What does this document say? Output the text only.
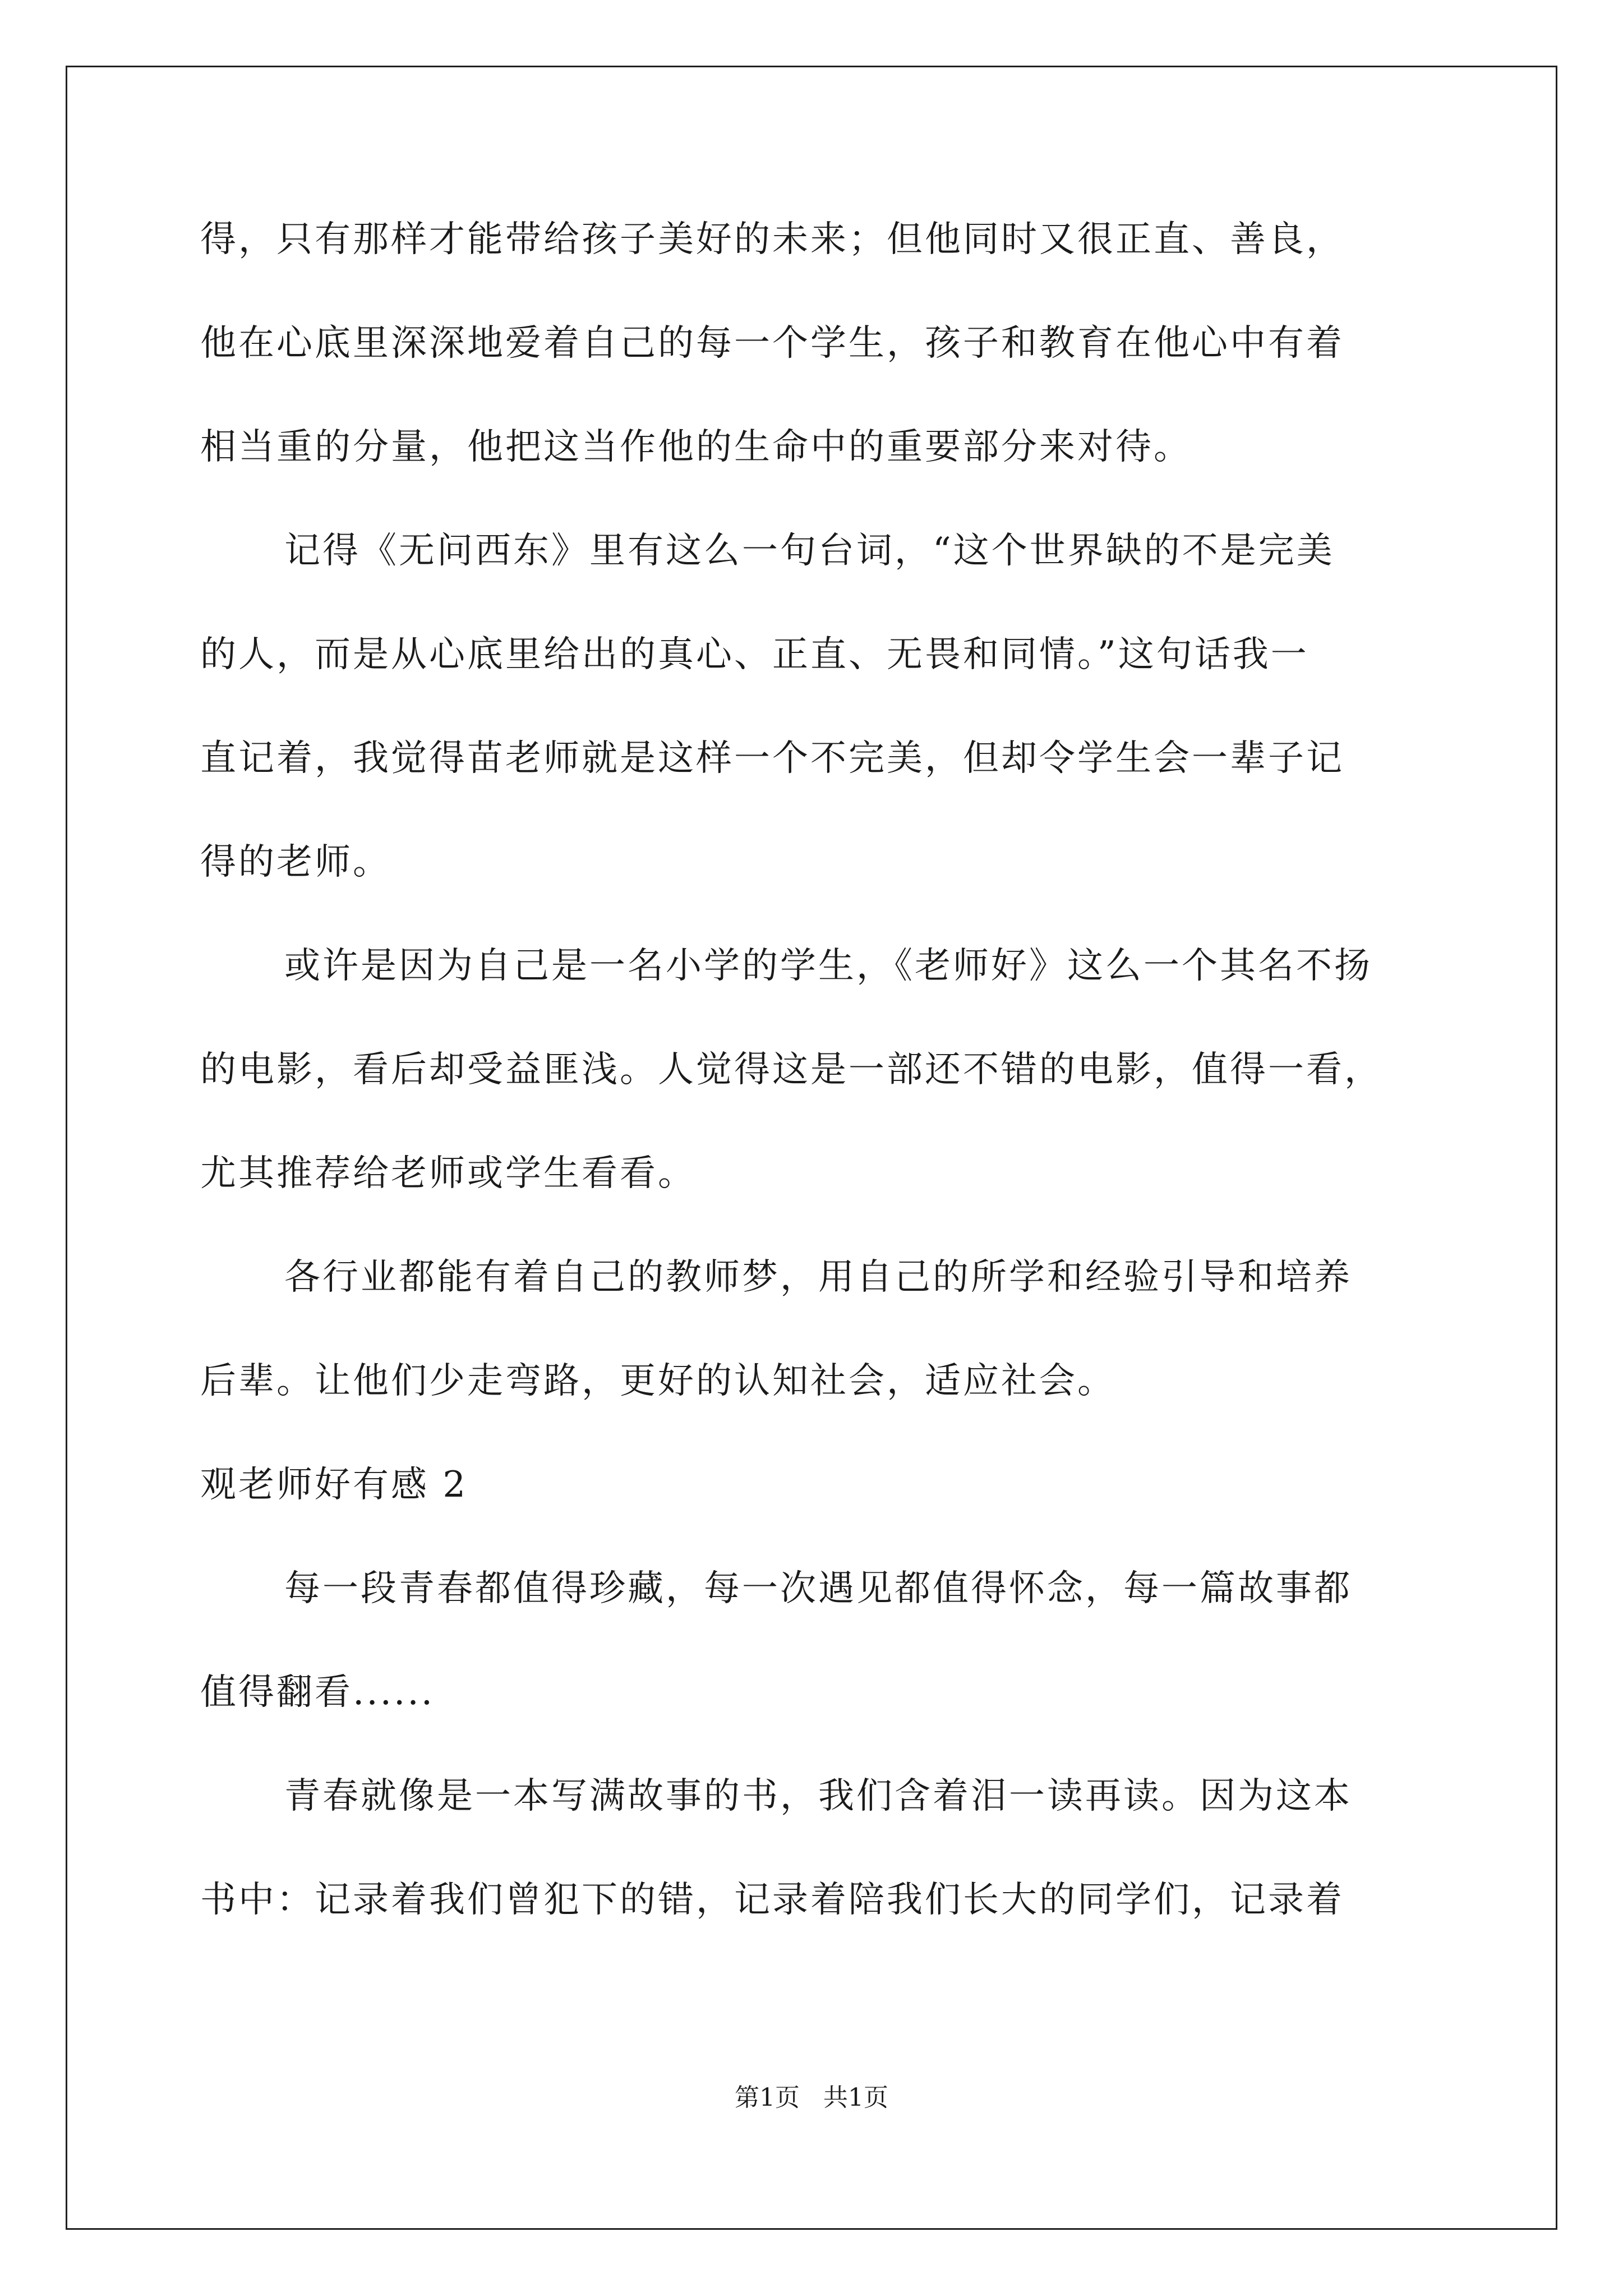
得，只有那样才能带给孩子美好的未来；但他同时又很正直、善良，
他在心底里深深地爱着自己的每一个学生，孩子和教育在他心中有着
相当重的分量，他把这当作他的生命中的重要部分来对待。
记得《无问西东》里有这么一句台词，“这个世界缺的不是完美
的人，而是从心底里给出的真心、正直、无畏和同情。”这句话我一
直记着，我觉得苗老师就是这样一个不完美，但却令学生会一辈子记
得的老师。
或许是因为自己是一名小学的学生，《老师好》这么一个其名不扬
的电影，看后却受益匪浅。人觉得这是一部还不错的电影，值得一看，
尤其推荐给老师或学生看看。
各行业都能有着自己的教师梦，用自己的所学和经验引导和培养
后辈。让他们少走弯路，更好的认知社会，适应社会。
观老师好有感 2
每一段青春都值得珍藏，每一次遇见都值得怀念，每一篇故事都
值得翻看......
青春就像是一本写满故事的书，我们含着泪一读再读。因为这本
书中：记录着我们曾犯下的错，记录着陪我们长大的同学们，记录着
第1页   共1页
